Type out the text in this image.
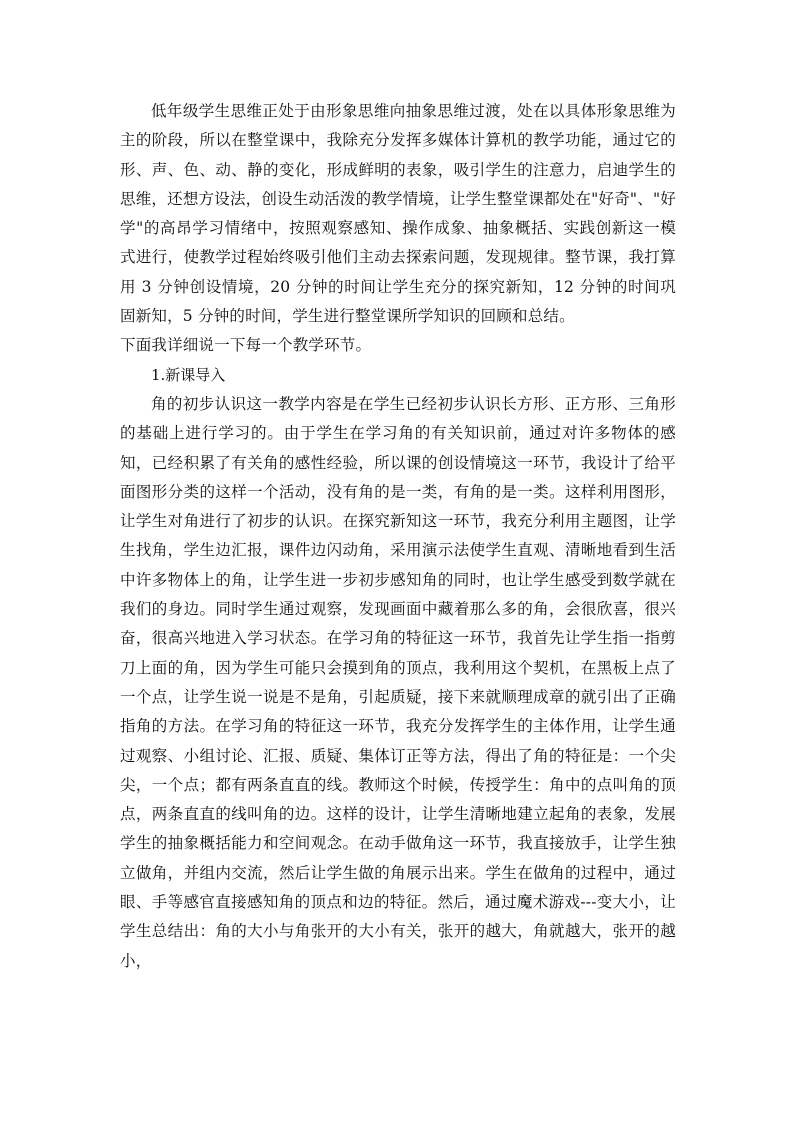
低年级学生思维正处于由形象思维向抽象思维过渡，处在以具体形象思维为主的阶段，所以在整堂课中，我除充分发挥多媒体计算机的教学功能，通过它的形、声、色、动、静的变化，形成鲜明的表象，吸引学生的注意力，启迪学生的思维，还想方设法，创设生动活泼的教学情境，让学生整堂课都处在"好奇"、"好学"的高昂学习情绪中，按照观察感知、操作成象、抽象概括、实践创新这一模式进行，使教学过程始终吸引他们主动去探索问题，发现规律。整节课，我打算用 3 分钟创设情境，20 分钟的时间让学生充分的探究新知，12 分钟的时间巩固新知，5 分钟的时间，学生进行整堂课所学知识的回顾和总结。

下面我详细说一下每一个教学环节。

1.新课导入

角的初步认识这一教学内容是在学生已经初步认识长方形、正方形、三角形的基础上进行学习的。由于学生在学习角的有关知识前，通过对许多物体的感知，已经积累了有关角的感性经验，所以课的创设情境这一环节，我设计了给平面图形分类的这样一个活动，没有角的是一类，有角的是一类。这样利用图形，让学生对角进行了初步的认识。在探究新知这一环节，我充分利用主题图，让学生找角，学生边汇报，课件边闪动角，采用演示法使学生直观、清晰地看到生活中许多物体上的角，让学生进一步初步感知角的同时，也让学生感受到数学就在我们的身边。同时学生通过观察，发现画面中藏着那么多的角，会很欣喜，很兴奋，很高兴地进入学习状态。在学习角的特征这一环节，我首先让学生指一指剪刀上面的角，因为学生可能只会摸到角的顶点，我利用这个契机，在黑板上点了一个点，让学生说一说是不是角，引起质疑，接下来就顺理成章的就引出了正确指角的方法。在学习角的特征这一环节，我充分发挥学生的主体作用，让学生通过观察、小组讨论、汇报、质疑、集体订正等方法，得出了角的特征是：一个尖尖，一个点；都有两条直直的线。教师这个时候，传授学生：角中的点叫角的顶点，两条直直的线叫角的边。这样的设计，让学生清晰地建立起角的表象，发展学生的抽象概括能力和空间观念。在动手做角这一环节，我直接放手，让学生独立做角，并组内交流，然后让学生做的角展示出来。学生在做角的过程中，通过眼、手等感官直接感知角的顶点和边的特征。然后，通过魔术游戏---变大小，让学生总结出：角的大小与角张开的大小有关，张开的越大，角就越大，张开的越小，
